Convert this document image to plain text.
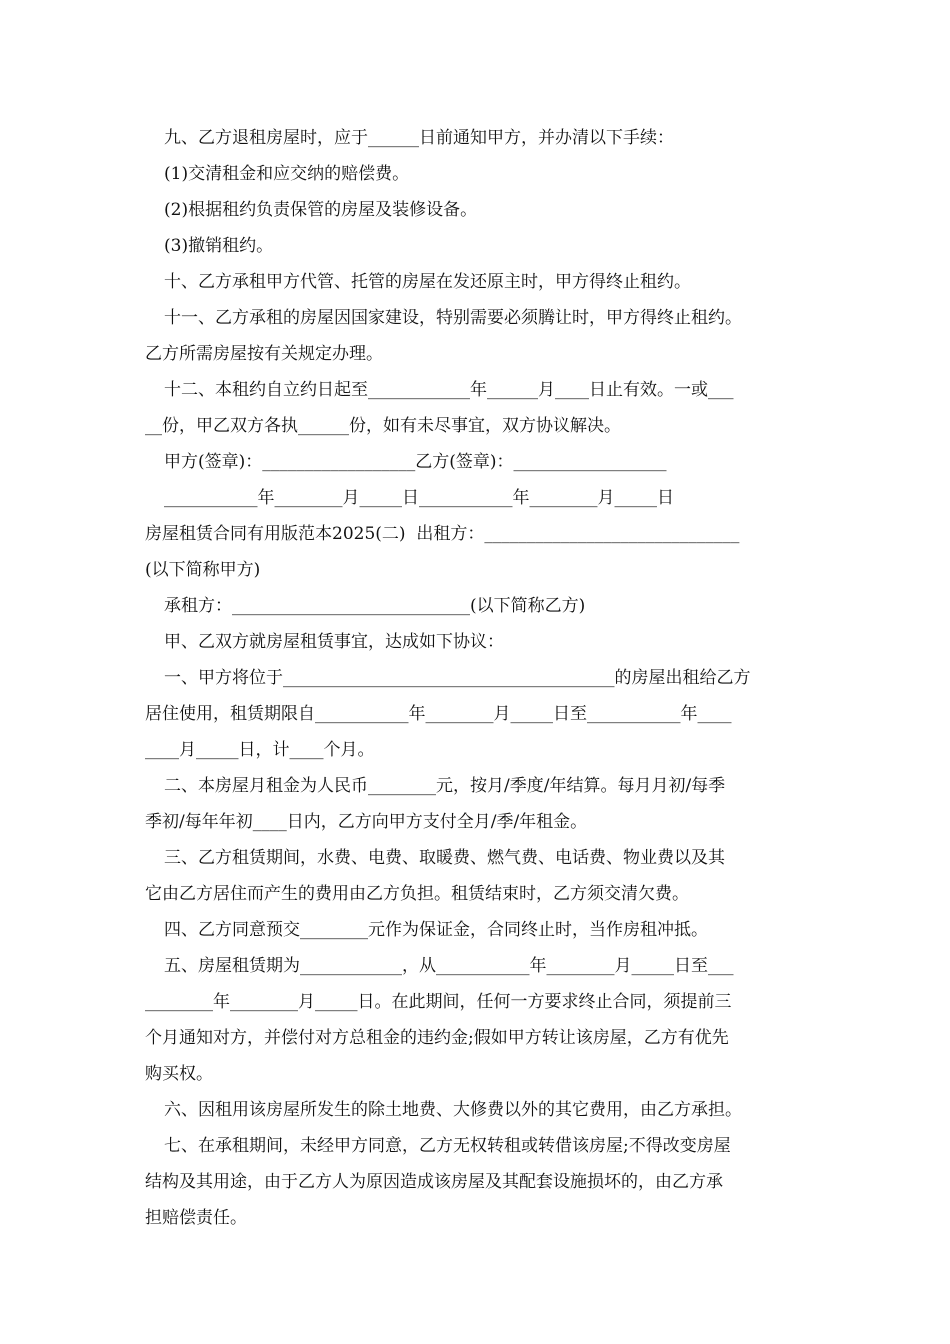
九、乙方退租房屋时，应于______日前通知甲方，并办清以下手续：
(1)交清租金和应交纳的赔偿费。
(2)根据租约负责保管的房屋及装修设备。
(3)撤销租约。
十、乙方承租甲方代管、托管的房屋在发还原主时，甲方得终止租约。
十一、乙方承租的房屋因国家建设，特别需要必须腾让时，甲方得终止租约。
乙方所需房屋按有关规定办理。
十二、本租约自立约日起至____________年______月____日止有效。一或___
__份，甲乙双方各执______份，如有未尽事宜，双方协议解决。
甲方(签章)：__________________乙方(签章)：__________________
___________年________月_____日___________年________月_____日
房屋租赁合同有用版范本2025(二)  出租方：______________________________
(以下简称甲方)
承租方：____________________________(以下简称乙方)
甲、乙双方就房屋租赁事宜，达成如下协议：
一、甲方将位于_______________________________________的房屋出租给乙方
居住使用，租赁期限自___________年________月_____日至___________年____
____月_____日，计____个月。
二、本房屋月租金为人民币________元，按月/季度/年结算。每月月初/每季
季初/每年年初____日内，乙方向甲方支付全月/季/年租金。
三、乙方租赁期间，水费、电费、取暖费、燃气费、电话费、物业费以及其
它由乙方居住而产生的费用由乙方负担。租赁结束时，乙方须交清欠费。
四、乙方同意预交________元作为保证金，合同终止时，当作房租冲抵。
五、房屋租赁期为____________，从___________年________月_____日至___
________年________月_____日。在此期间，任何一方要求终止合同，须提前三
个月通知对方，并偿付对方总租金的违约金;假如甲方转让该房屋，乙方有优先
购买权。
六、因租用该房屋所发生的除土地费、大修费以外的其它费用，由乙方承担。
七、在承租期间，未经甲方同意，乙方无权转租或转借该房屋;不得改变房屋
结构及其用途，由于乙方人为原因造成该房屋及其配套设施损坏的，由乙方承
担赔偿责任。
